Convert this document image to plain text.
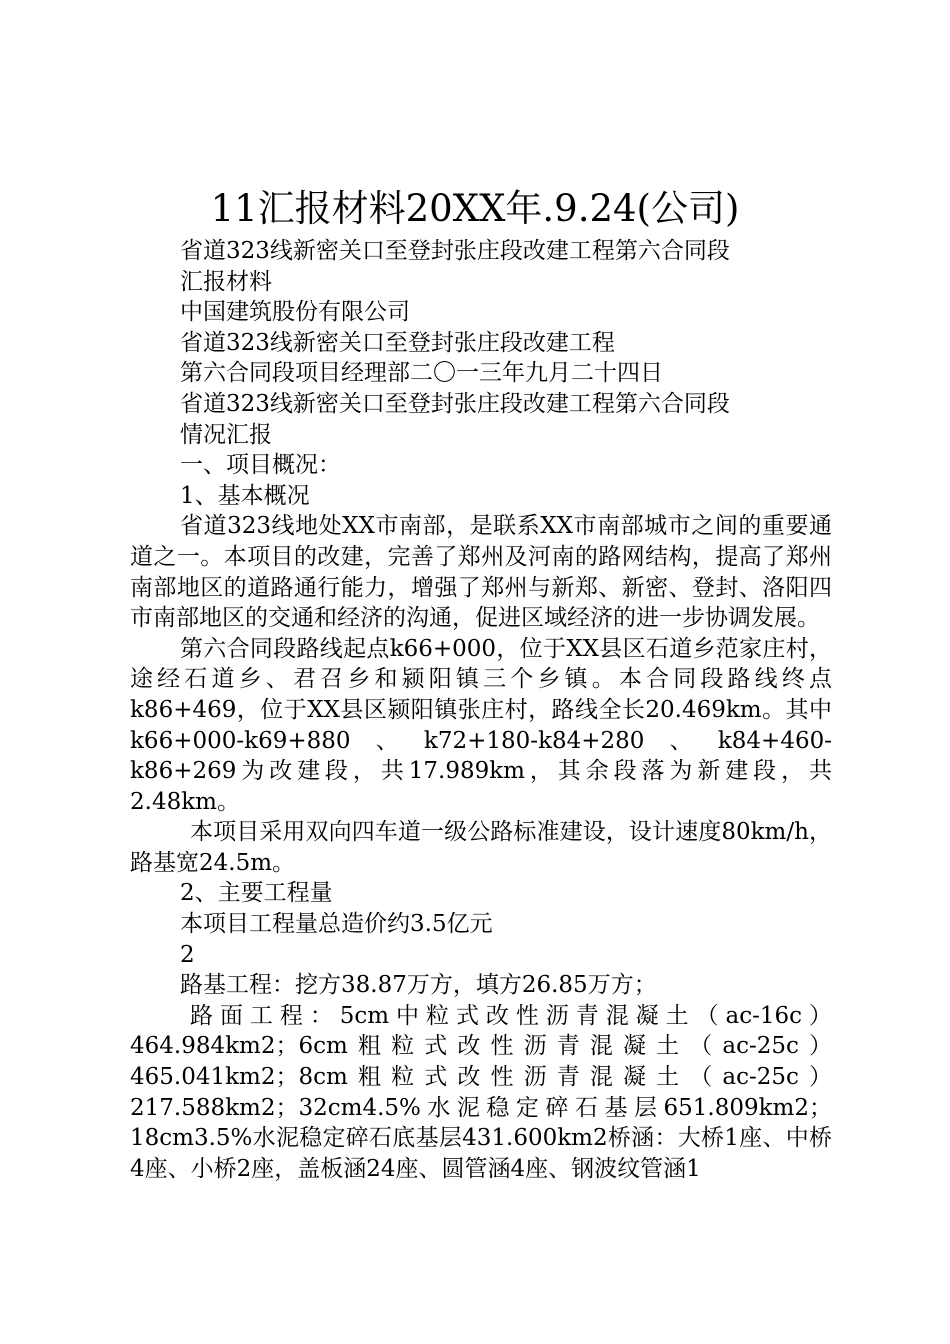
11汇报材料20XX年.9.24(公司)
省道323线新密关口至登封张庄段改建工程第六合同段
汇报材料
中国建筑股份有限公司
省道323线新密关口至登封张庄段改建工程
第六合同段项目经理部二〇一三年九月二十四日
省道323线新密关口至登封张庄段改建工程第六合同段
情况汇报
一、项目概况：
1、基本概况

省道323线地处XX市南部，是联系XX市南部城市之间的重要通道之一。本项目的改建，完善了郑州及河南的路网结构，提高了郑州南部地区的道路通行能力，增强了郑州与新郑、新密、登封、洛阳四市南部地区的交通和经济的沟通，促进区域经济的进一步协调发展。

第六合同段路线起点k66+000，位于XX县区石道乡范家庄村，途经石道乡、君召乡和颍阳镇三个乡镇。本合同段路线终点k86+469，位于XX县区颍阳镇张庄村，路线全长20.469km。其中k66+000-k69+880、k72+180-k84+280、k84+460-k86+269为改建段，共17.989km，其余段落为新建段，共2.48km。

本项目采用双向四车道一级公路标准建设，设计速度80km/h，路基宽24.5m。

2、主要工程量
本项目工程量总造价约3.5亿元
2
路基工程：挖方38.87万方，填方26.85万方；

路面工程：5cm中粒式改性沥青混凝土（ac-16c）464.984km2；6cm粗粒式改性沥青混凝土（ac-25c）465.041km2；8cm粗粒式改性沥青混凝土（ac-25c）217.588km2；32cm4.5%水泥稳定碎石基层651.809km2；18cm3.5%水泥稳定碎石底基层431.600km2桥涵：大桥1座、中桥4座、小桥2座，盖板涵24座、圆管涵4座、钢波纹管涵1
